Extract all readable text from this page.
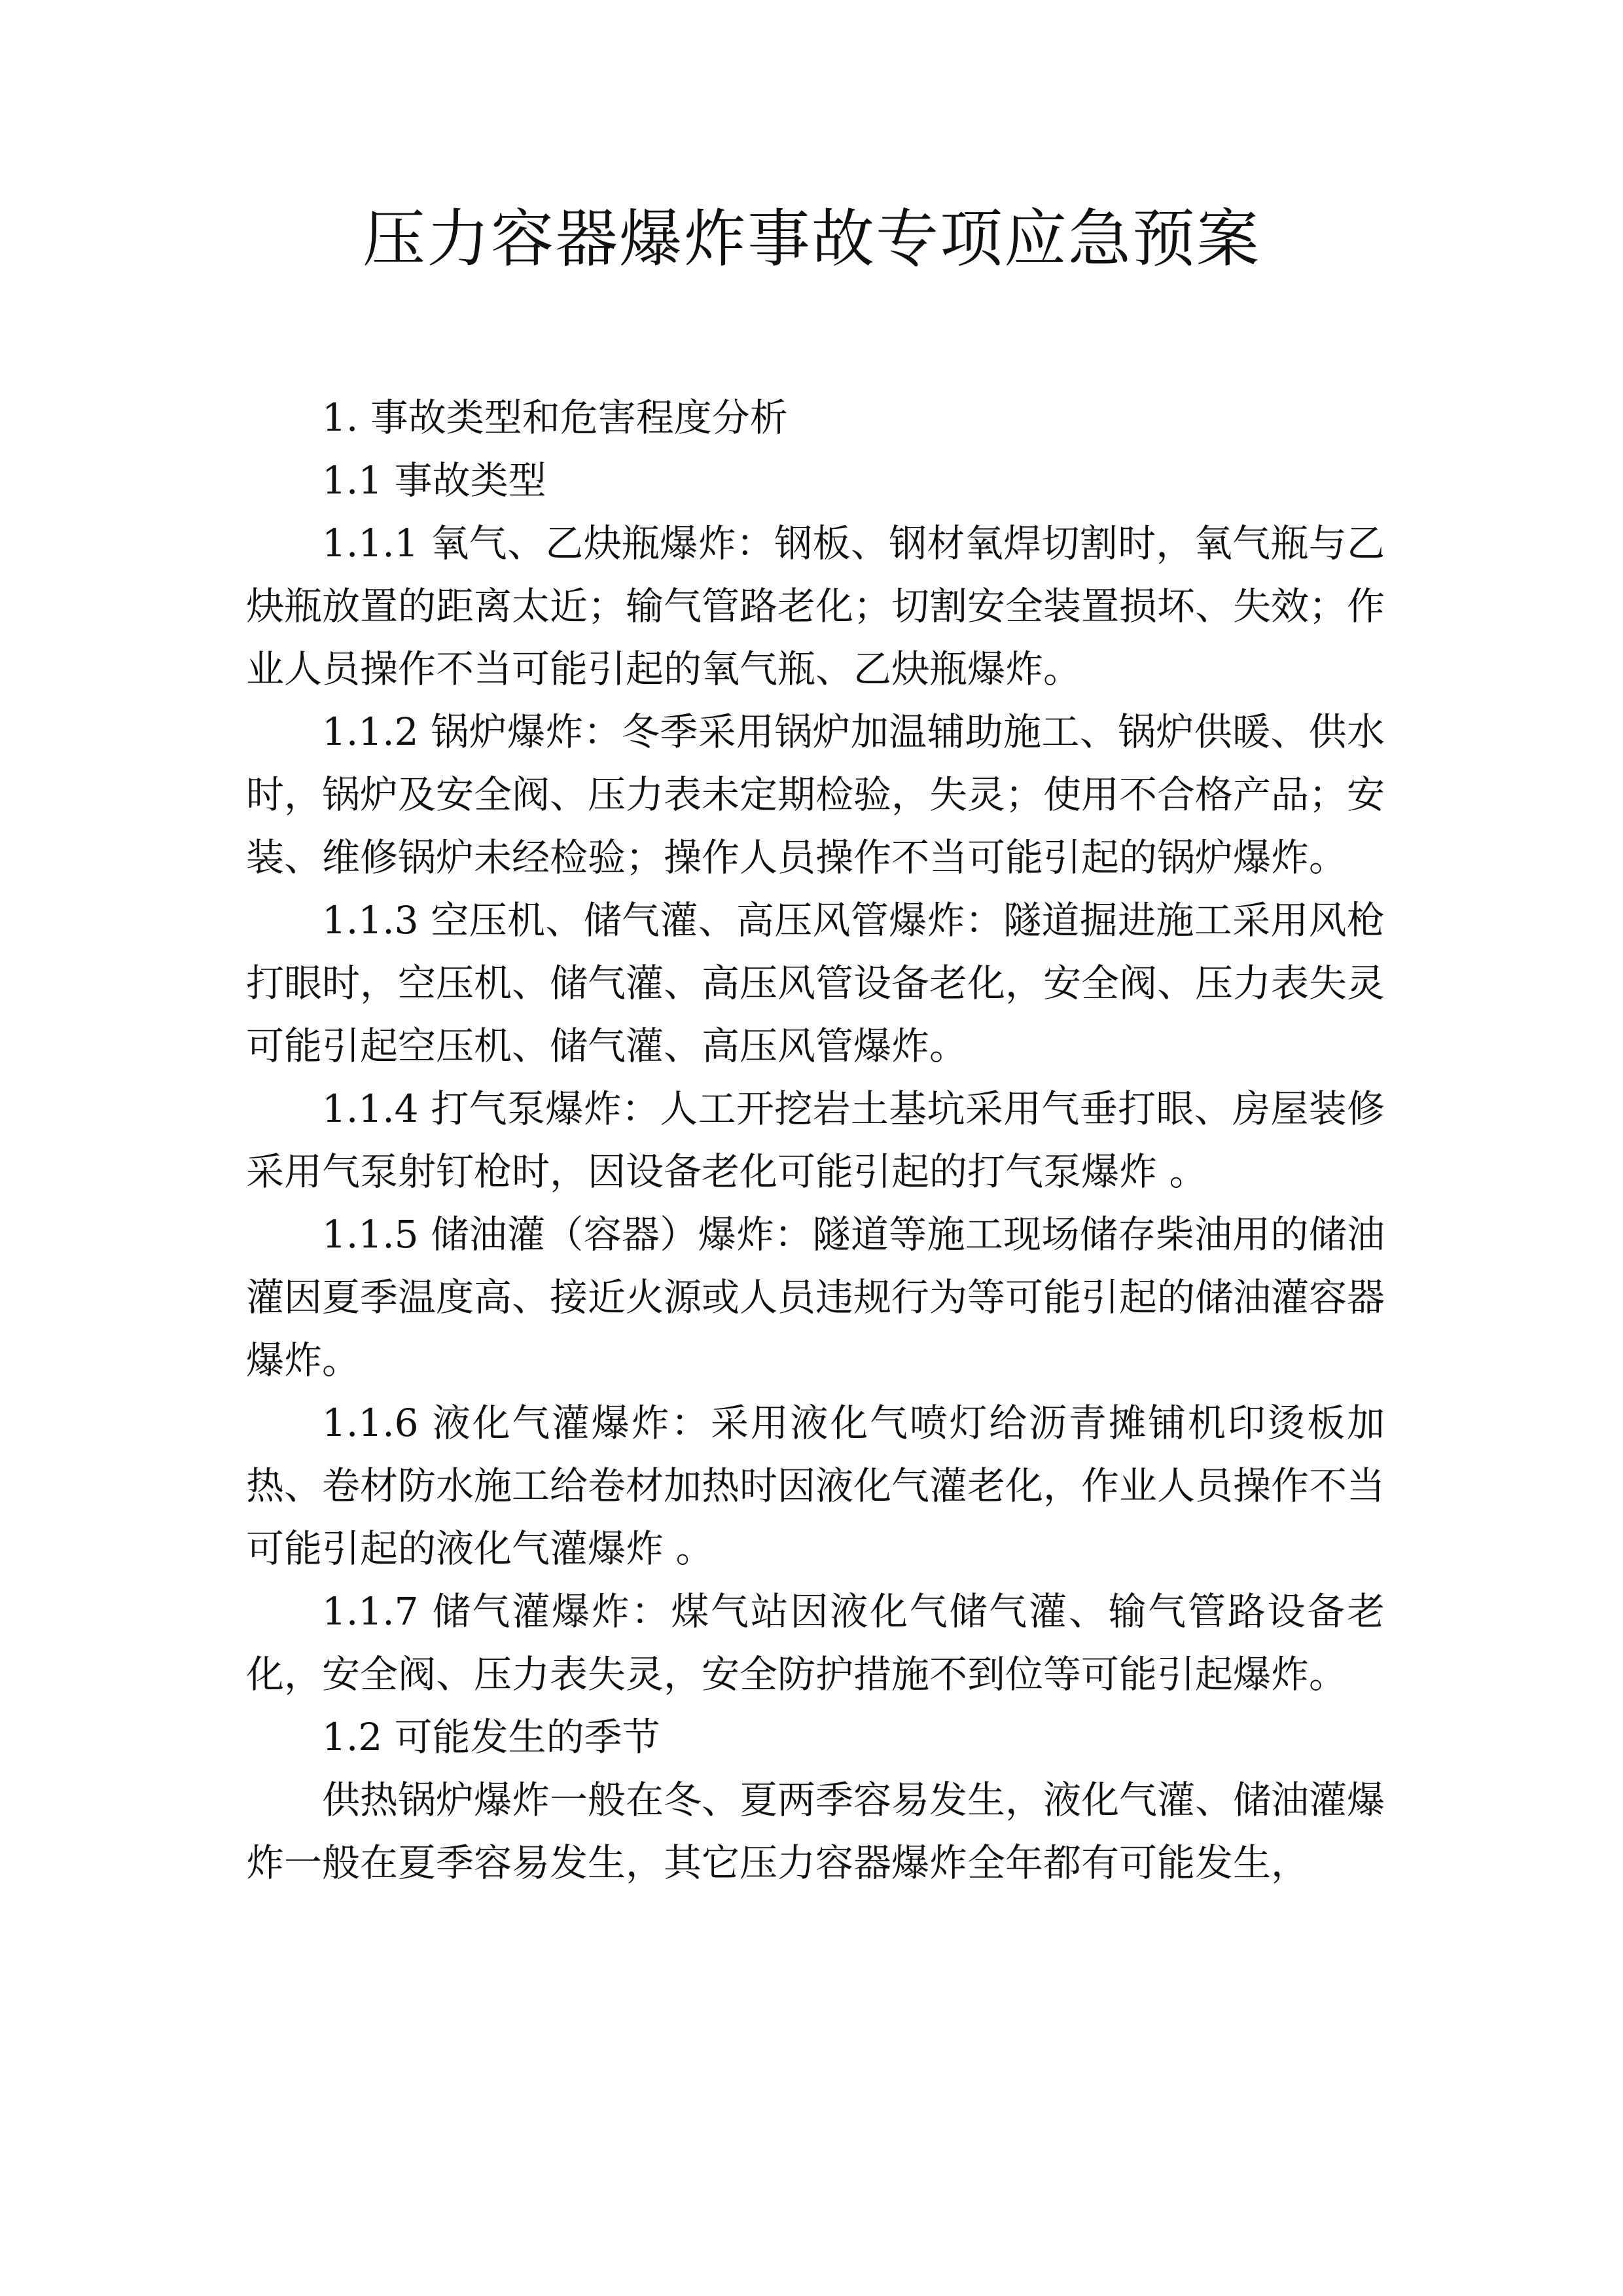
压力容器爆炸事故专项应急预案

1. 事故类型和危害程度分析

1.1 事故类型

1.1.1 氧气、乙炔瓶爆炸：钢板、钢材氧焊切割时，氧气瓶与乙炔瓶放置的距离太近；输气管路老化；切割安全装置损坏、失效；作业人员操作不当可能引起的氧气瓶、乙炔瓶爆炸。

1.1.2 锅炉爆炸：冬季采用锅炉加温辅助施工、锅炉供暖、供水时，锅炉及安全阀、压力表未定期检验，失灵；使用不合格产品；安装、维修锅炉未经检验；操作人员操作不当可能引起的锅炉爆炸。

1.1.3 空压机、储气灌、高压风管爆炸：隧道掘进施工采用风枪打眼时，空压机、储气灌、高压风管设备老化，安全阀、压力表失灵可能引起空压机、储气灌、高压风管爆炸。

1.1.4 打气泵爆炸：人工开挖岩土基坑采用气垂打眼、房屋装修采用气泵射钉枪时，因设备老化可能引起的打气泵爆炸 。

1.1.5 储油灌（容器）爆炸：隧道等施工现场储存柴油用的储油灌因夏季温度高、接近火源或人员违规行为等可能引起的储油灌容器爆炸。

1.1.6 液化气灌爆炸：采用液化气喷灯给沥青摊铺机印烫板加热、卷材防水施工给卷材加热时因液化气灌老化，作业人员操作不当可能引起的液化气灌爆炸 。

1.1.7 储气灌爆炸：煤气站因液化气储气灌、输气管路设备老化，安全阀、压力表失灵，安全防护措施不到位等可能引起爆炸。

1.2 可能发生的季节

供热锅炉爆炸一般在冬、夏两季容易发生，液化气灌、储油灌爆炸一般在夏季容易发生，其它压力容器爆炸全年都有可能发生，
